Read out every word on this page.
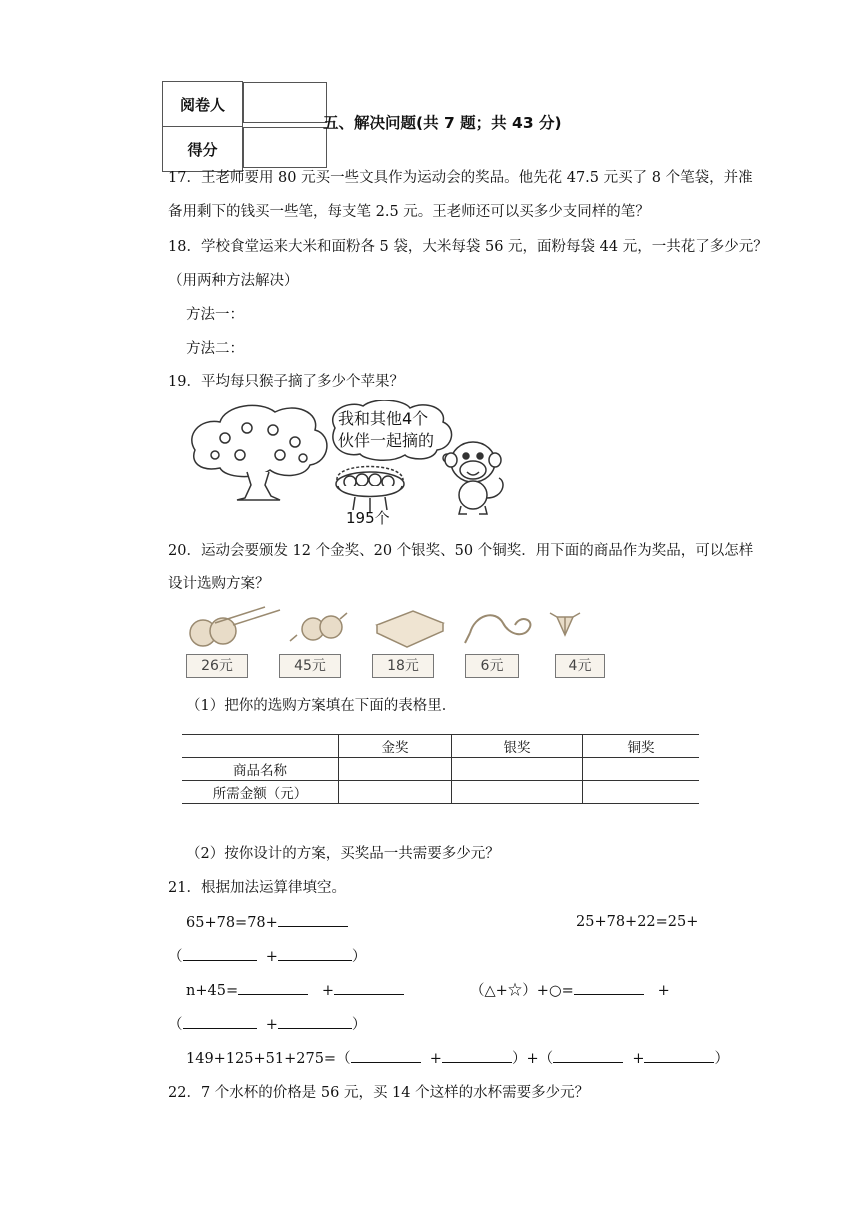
阅卷人	
得分	
五、解决问题(共 7 题；共 43 分)
17．王老师要用 80 元买一些文具作为运动会的奖品。他先花 47.5 元买了 8 个笔袋，并准
备用剩下的钱买一些笔，每支笔 2.5 元。王老师还可以买多少支同样的笔？
18．学校食堂运来大米和面粉各 5 袋，大米每袋 56 元，面粉每袋 44 元，一共花了多少元？
（用两种方法解决）
方法一：
方法二：
19．平均每只猴子摘了多少个苹果？
我和其他4个
伙伴一起摘的
195个
20．运动会要颁发 12 个金奖、20 个银奖、50 个铜奖．用下面的商品作为奖品，可以怎样
设计选购方案？
26元	45元	18元	6元	4元
（1）把你的选购方案填在下面的表格里．
	金奖	银奖	铜奖
商品名称			
所需金额（元）			
（2）按你设计的方案，买奖品一共需要多少元？
21．根据加法运算律填空。
65+78=78+	25+78+22=25+
（	+	）
n+45=	+	（△+☆）+○=	+
（	+	）
149+125+51+275=（	+	）+（	+	）
22．7 个水杯的价格是 56 元，买 14 个这样的水杯需要多少元？
